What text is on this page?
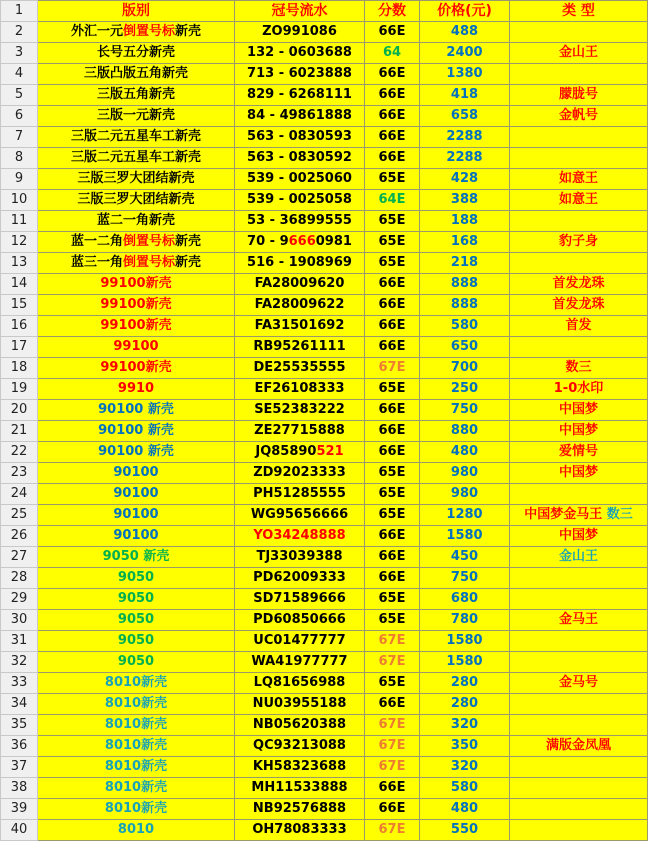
1	版别	冠号流水	分数	价格(元)	类 型
2	外汇一元倒置号标新壳	ZO991086	66E	488	
3	长号五分新壳	132 - 0603688	64	2400	金山王
4	三版凸版五角新壳	713 - 6023888	66E	1380	
5	三版五角新壳	829 - 6268111	66E	418	朦胧号
6	三版一元新壳	84 - 49861888	66E	658	金帆号
7	三版二元五星车工新壳	563 - 0830593	66E	2288	
8	三版二元五星车工新壳	563 - 0830592	66E	2288	
9	三版三罗大团结新壳	539 - 0025060	65E	428	如意王
10	三版三罗大团结新壳	539 - 0025058	64E	388	如意王
11	蓝二一角新壳	53 - 36899555	65E	188	
12	蓝一二角倒置号标新壳	70 - 96660981	65E	168	豹子身
13	蓝三一角倒置号标新壳	516 - 1908969	65E	218	
14	99100新壳	FA28009620	66E	888	首发龙珠
15	99100新壳	FA28009622	66E	888	首发龙珠
16	99100新壳	FA31501692	66E	580	首发
17	99100	RB95261111	66E	650	
18	99100新壳	DE25535555	67E	700	数三
19	9910	EF26108333	65E	250	1-0水印
20	90100 新壳	SE52383222	66E	750	中国梦
21	90100 新壳	ZE27715888	66E	880	中国梦
22	90100 新壳	JQ85890521	66E	480	爱情号
23	90100	ZD92023333	65E	980	中国梦
24	90100	PH51285555	65E	980	
25	90100	WG95656666	65E	1280	中国梦金马王 数三
26	90100	YO34248888	66E	1580	中国梦
27	9050 新壳	TJ33039388	66E	450	金山王
28	9050	PD62009333	66E	750	
29	9050	SD71589666	65E	680	
30	9050	PD60850666	65E	780	金马王
31	9050	UC01477777	67E	1580	
32	9050	WA41977777	67E	1580	
33	8010新壳	LQ81656988	65E	280	金马号
34	8010新壳	NU03955188	66E	280	
35	8010新壳	NB05620388	67E	320	
36	8010新壳	QC93213088	67E	350	满版金凤凰
37	8010新壳	KH58323688	67E	320	
38	8010新壳	MH11533888	66E	580	
39	8010新壳	NB92576888	66E	480	
40	8010	OH78083333	67E	550	
